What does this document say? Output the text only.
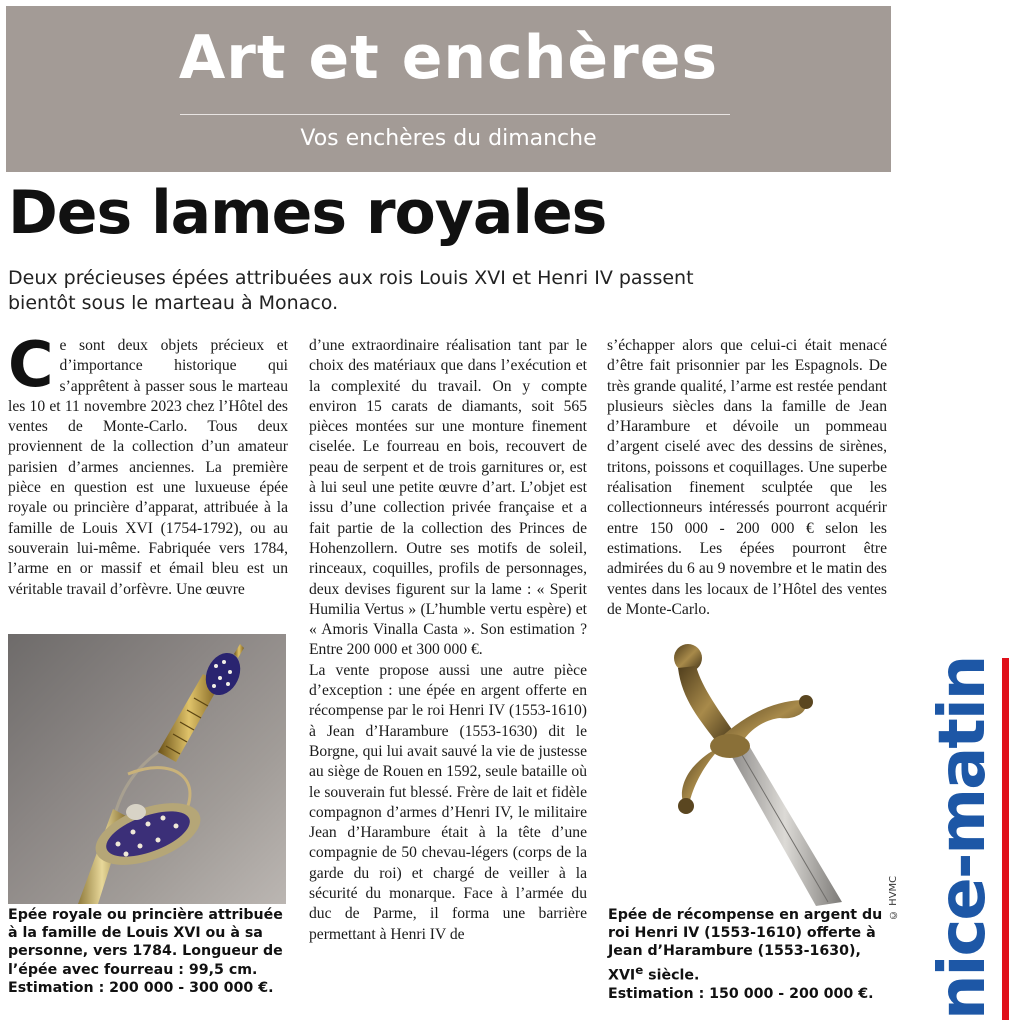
Art et enchères
Vos enchères du dimanche
Des lames royales
Deux précieuses épées attribuées aux rois Louis XVI et Henri IV passent bientôt sous le marteau à Monaco.
C e sont deux objets précieux et d’importance historique qui s’apprêtent à passer sous le marteau les 10 et 11 novembre 2023 chez l’Hôtel des ventes de Monte-Carlo. Tous deux proviennent de la collection d’un amateur parisien d’armes anciennes. La première pièce en question est une luxueuse épée royale ou princière d’apparat, attribuée à la famille de Louis XVI (1754-1792), ou au souverain lui-même. Fabriquée vers 1784, l’arme en or massif et émail bleu est un véritable travail d’orfèvre. Une œuvre

d’une extraordinaire réalisation tant par le choix des matériaux que dans l’exécution et la complexité du travail. On y compte environ 15 carats de diamants, soit 565 pièces montées sur une monture finement ciselée. Le fourreau en bois, recouvert de peau de serpent et de trois garnitures or, est à lui seul une petite œuvre d’art. L’objet est issu d’une collection privée française et a fait partie de la collection des Princes de Hohenzollern. Outre ses motifs de soleil, rinceaux, coquilles, profils de personnages, deux devises figurent sur la lame : « Sperit Humilia Vertus » (L’humble vertu espère) et « Amoris Vinalla Casta ». Son estimation ? Entre 200 000 et 300 000 €.

La vente propose aussi une autre pièce d’exception : une épée en argent offerte en récompense par le roi Henri IV (1553-1610) à Jean d’Harambure (1553-1630) dit le Borgne, qui lui avait sauvé la vie de justesse au siège de Rouen en 1592, seule bataille où le souverain fut blessé. Frère de lait et fidèle compagnon d’armes d’Henri IV, le militaire Jean d’Harambure était à la tête d’une compagnie de 50 chevau-légers (corps de la garde du roi) et chargé de veiller à la sécurité du monarque. Face à l’armée du duc de Parme, il forma une barrière permettant à Henri IV de

s’échapper alors que celui-ci était menacé d’être fait prisonnier par les Espagnols. De très grande qualité, l’arme est restée pendant plusieurs siècles dans la famille de Jean d’Harambure et dévoile un pommeau d’argent ciselé avec des dessins de sirènes, tritons, poissons et coquillages. Une superbe réalisation finement sculptée que les collectionneurs intéressés pourront acquérir entre 150 000 - 200 000 € selon les estimations. Les épées pourront être admirées du 6 au 9 novembre et le matin des ventes dans les locaux de l’Hôtel des ventes de Monte-Carlo.

Epée royale ou princière attribuée à la famille de Louis XVI ou à sa personne, vers 1784. Longueur de l’épée avec fourreau : 99,5 cm.

Estimation : 200 000 - 300 000 €.

Epée de récompense en argent du roi Henri IV (1553-1610) offerte à Jean d’Harambure (1553-1630), XVIe siècle.

Estimation : 150 000 - 200 000 €.

© HVMC nice-matin
